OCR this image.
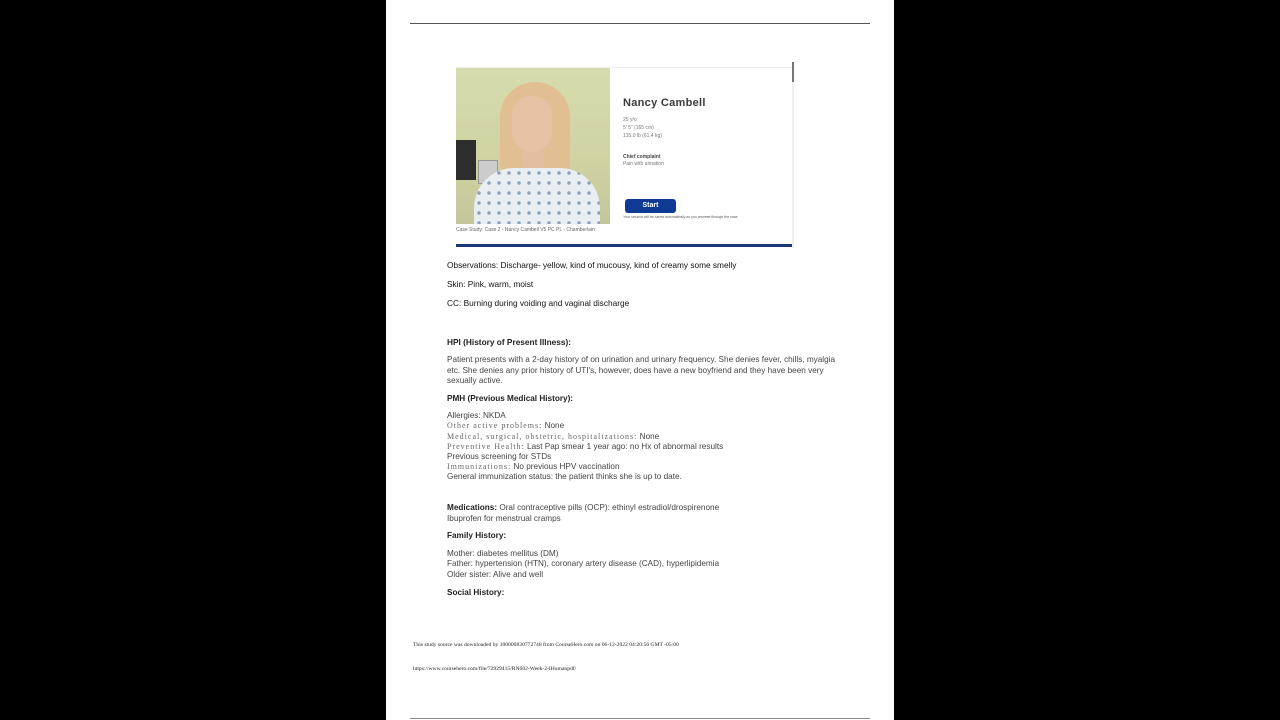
Nancy Cambell
25 y/o
5' 5" (165 cm)
135.0 lb (61.4 kg)
Chief complaint
Pain with urination
Start
Your session will be saved automatically as you proceed through the case.
Case Study: Case 2 - Nancy Cambell V5 PC PL - Chamberlain
Observations: Discharge- yellow, kind of mucousy, kind of creamy some smelly
Skin: Pink, warm, moist
CC: Burning during voiding and vaginal discharge
HPI (History of Present Illness):
Patient presents with a 2-day history of on urination and urinary frequency. She denies fever, chills, myalgia etc. She denies any prior history of UTI's, however, does have a new boyfriend and they have been very sexually active.
PMH (Previous Medical History):
Allergies: NKDA
Other active problems: None
Medical, surgical, obstetric, hospitalizations: None
Preventive Health: Last Pap smear 1 year ago: no Hx of abnormal results
Previous screening for STDs
Immunizations: No previous HPV vaccination
General immunization status: the patient thinks she is up to date.
Medications: Oral contraceptive pills (OCP): ethinyl estradiol/drospirenone
Ibuprofen for menstrual cramps
Family History:
Mother: diabetes mellitus (DM)
Father: hypertension (HTN), coronary artery disease (CAD), hyperlipidemia
Older sister: Alive and well
Social History:
This study source was downloaded by 100000830772748 from CourseHero.com on 06-12-2022 04:20:56 GMT -05:00
https://www.coursehero.com/file/72929415/RN602-Week-2-IHumanpdf/
